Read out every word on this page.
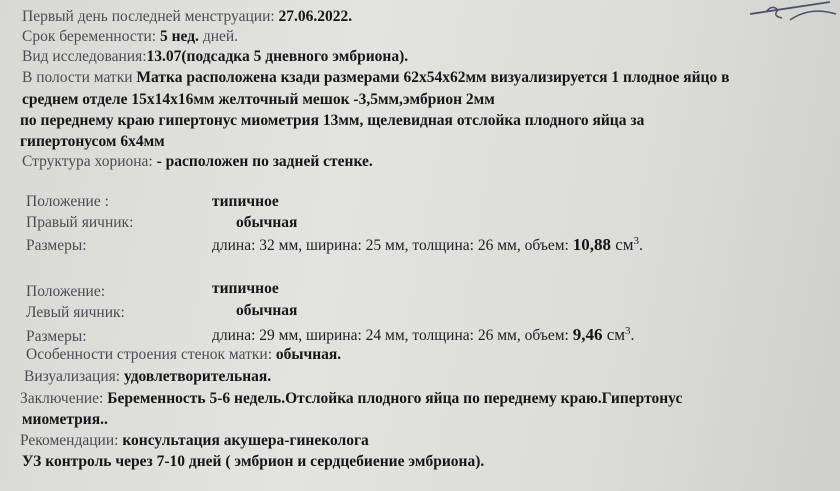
Первый день последней менструации: 27.06.2022.
Срок беременности: 5 нед. дней.
Вид исследования:13.07(подсадка 5 дневного эмбриона).
В полости матки Матка расположена кзади размерами 62х54х62мм визуализируется 1 плодное яйцо в
среднем отделе 15х14х16мм желточный мешок -3,5мм,эмбрион 2мм
по переднему краю гипертонус миометрия 13мм, щелевидная отслойка плодного яйца за
гипертонусом 6х4мм
Структура хориона: - расположен по задней стенке.
Положение :	типичное
Правый яичник:	обычная
Размеры:	длина: 32 мм, ширина: 25 мм, толщина: 26 мм, объем: 10,88 $см^3$.
Положение:	типичное
Левый яичник:	обычная
Размеры:	длина: 29 мм, ширина: 24 мм, толщина: 26 мм, объем: 9,46 $см^3$.
Особенности строения стенок матки: обычная.
Визуализация: удовлетворительная.
Заключение: Беременность 5-6 недель.Отслойка плодного яйца по переднему краю.Гипертонус
миометрия..
Рекомендации: консультация акушера-гинеколога
УЗ контроль через 7-10 дней ( эмбрион и сердцебиение эмбриона).
